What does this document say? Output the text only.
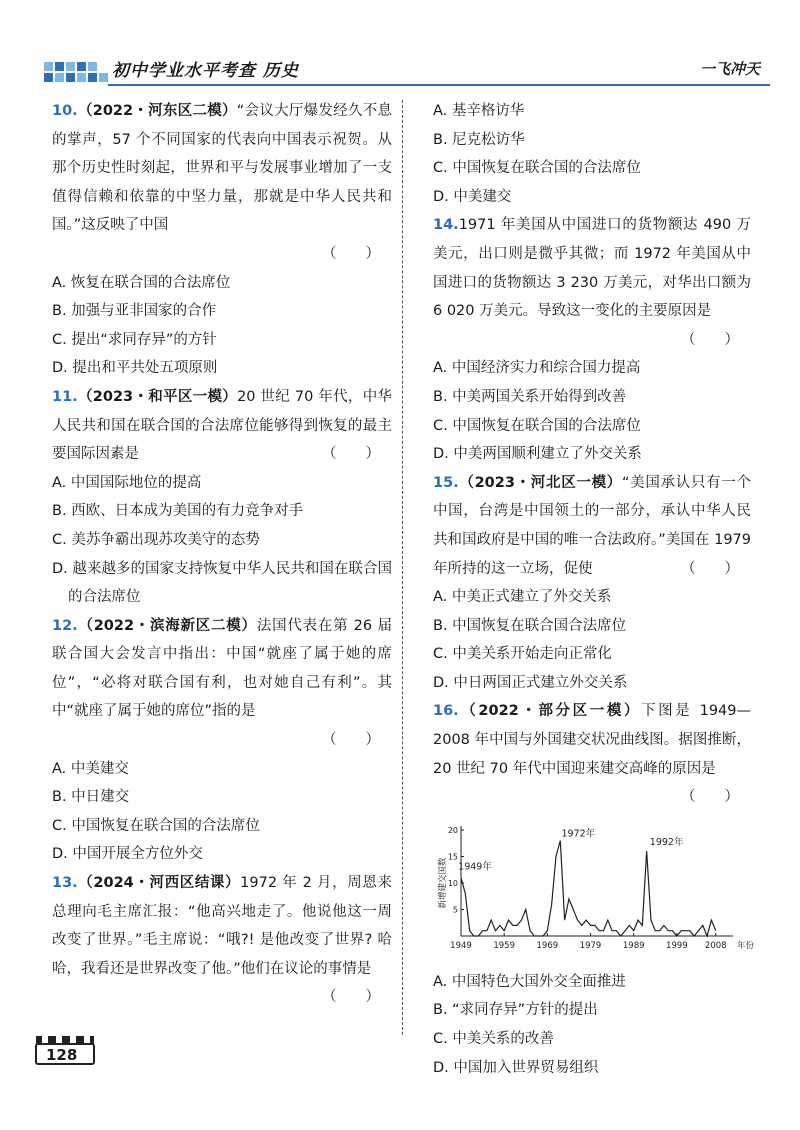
初中学业水平考查 历史	一飞冲天
10.（2022・河东区二模）“会议大厅爆发经久不息的掌声，57 个不同国家的代表向中国表示祝贺。从那个历史性时刻起，世界和平与发展事业增加了一支值得信赖和依靠的中坚力量，那就是中华人民共和国。”这反映了中国
（　　）
A. 恢复在联合国的合法席位
B. 加强与亚非国家的合作
C. 提出“求同存异”的方针
D. 提出和平共处五项原则
11.（2023・和平区一模）20 世纪 70 年代，中华人民共和国在联合国的合法席位能够得到恢复的最主要国际因素是	（　　）
A. 中国国际地位的提高
B. 西欧、日本成为美国的有力竞争对手
C. 美苏争霸出现苏攻美守的态势
D. 越来越多的国家支持恢复中华人民共和国在联合国的合法席位
12.（2022・滨海新区二模）法国代表在第 26 届联合国大会发言中指出：中国“就座了属于她的席位”，“必将对联合国有利，也对她自己有利”。其中“就座了属于她的席位”指的是
（　　）
A. 中美建交
B. 中日建交
C. 中国恢复在联合国的合法席位
D. 中国开展全方位外交
13.（2024・河西区结课）1972 年 2 月，周恩来总理向毛主席汇报：“他高兴地走了。他说他这一周改变了世界。”毛主席说：“哦?! 是他改变了世界? 哈哈，我看还是世界改变了他。”他们在议论的事情是
（　　）
A. 基辛格访华
B. 尼克松访华
C. 中国恢复在联合国的合法席位
D. 中美建交
14.1971 年美国从中国进口的货物额达 490 万美元，出口则是微乎其微；而 1972 年美国从中国进口的货物额达 3 230 万美元，对华出口额为 6 020 万美元。导致这一变化的主要原因是
（　　）
A. 中国经济实力和综合国力提高
B. 中美两国关系开始得到改善
C. 中国恢复在联合国的合法席位
D. 中美两国顺利建立了外交关系
15.（2023・河北区一模）“美国承认只有一个中国，台湾是中国领土的一部分，承认中华人民共和国政府是中国的唯一合法政府。”美国在 1979 年所持的这一立场，促使	（　　）
A. 中美正式建立了外交关系
B. 中国恢复在联合国合法席位
C. 中美关系开始走向正常化
D. 中日两国正式建立外交关系
16.（2022・部分区一模）下图是 1949—2008 年中国与外国建交状况曲线图。据图推断，20 世纪 70 年代中国迎来建交高峰的原因是
（　　）
5
10
15
20
1949	1959	1969	1979	1989	1999 2008 年份
新增建交国数 1949年
1972年
1992年
A. 中国特色大国外交全面推进
B. “求同存异”方针的提出
C. 中美关系的改善
D. 中国加入世界贸易组织
128
